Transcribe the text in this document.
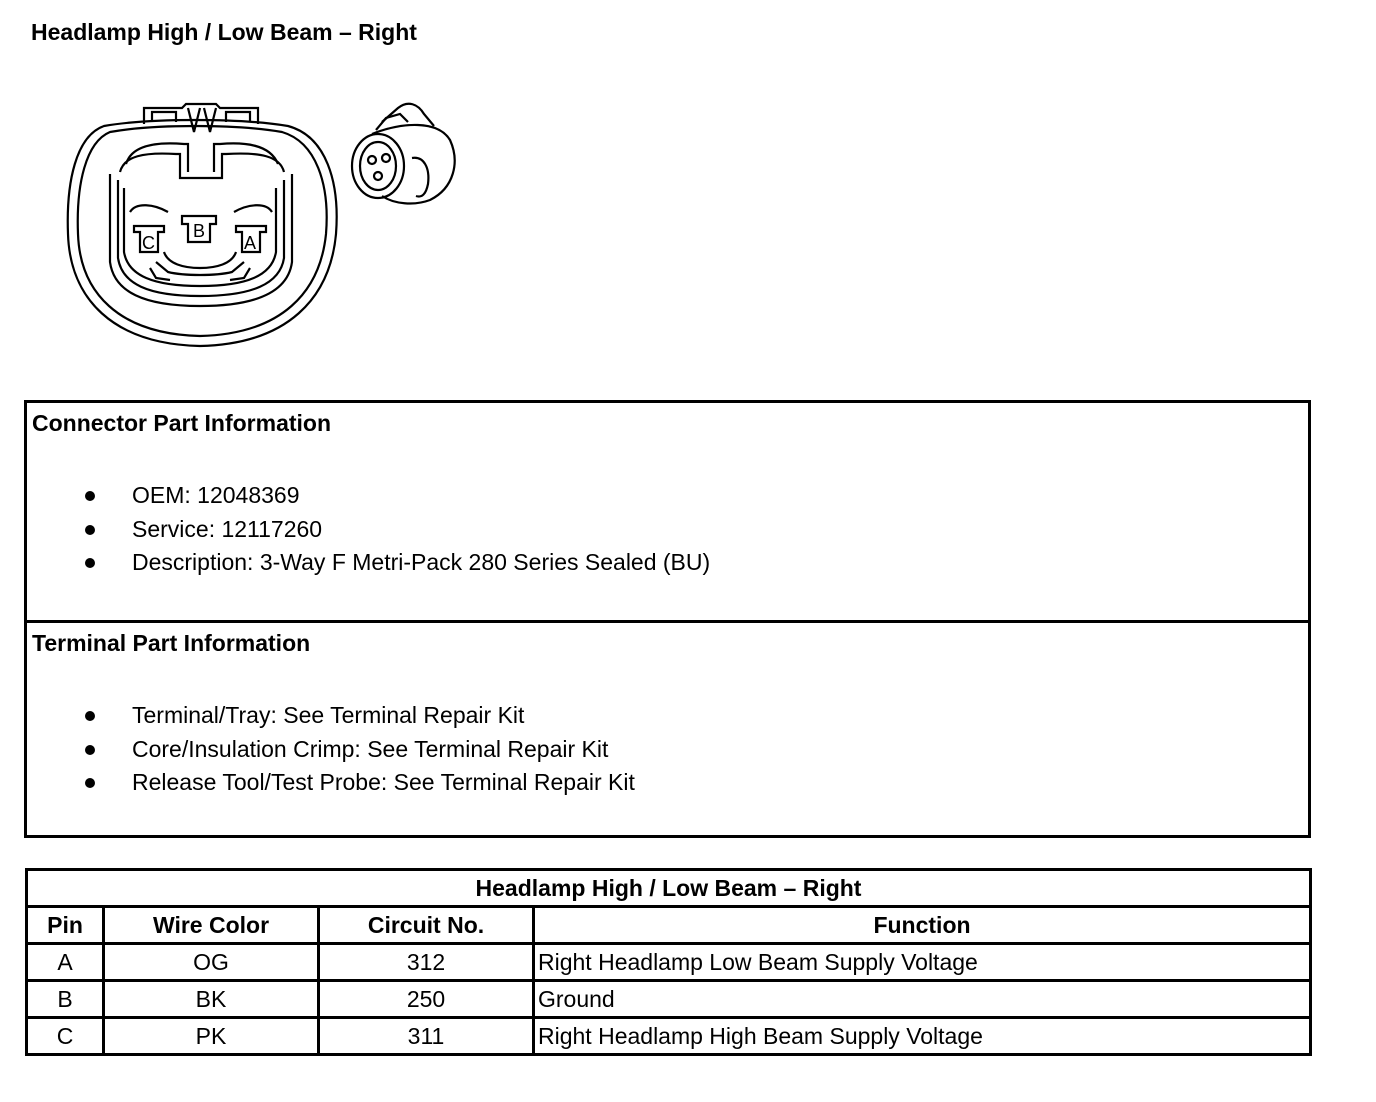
Headlamp High / Low Beam – Right
C
B
A
Connector Part Information
OEM: 12048369
Service: 12117260
Description: 3-Way F Metri-Pack 280 Series Sealed (BU)
Terminal Part Information
Terminal/Tray: See Terminal Repair Kit
Core/Insulation Crimp: See Terminal Repair Kit
Release Tool/Test Probe: See Terminal Repair Kit
Headlamp High / Low Beam – Right			
Pin	Wire Color	Circuit No.	Function
A	OG	312	Right Headlamp Low Beam Supply Voltage
B	BK	250	Ground
C	PK	311	Right Headlamp High Beam Supply Voltage
